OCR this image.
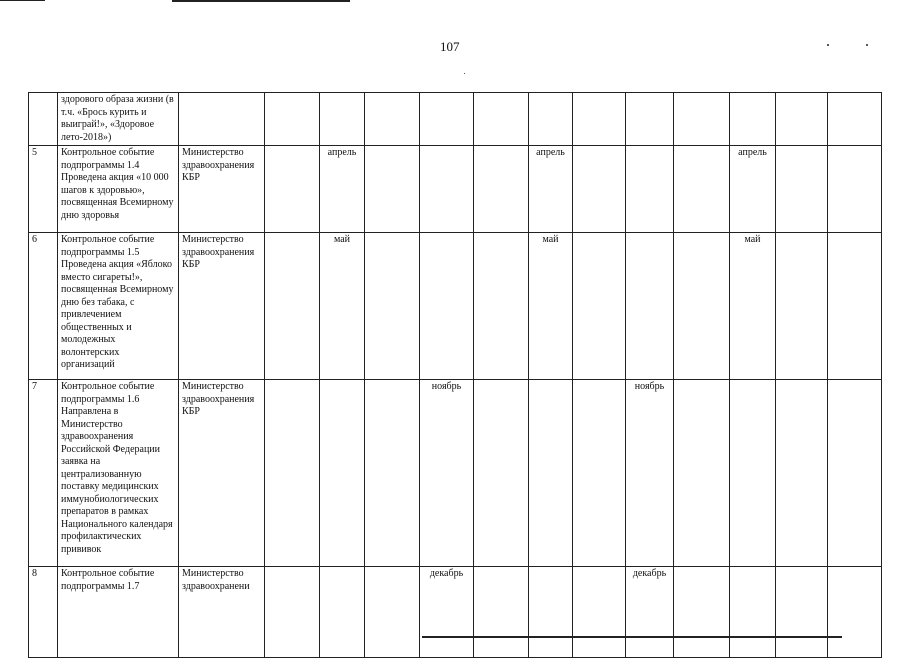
107
	здорового образа жизни (в т.ч. «Брось курить и выиграй!», «Здоровое лето-2018»)														
5	Контрольное событие подпрограммы 1.4 Проведена акция «10 000 шагов к здоровью», посвященная Всемирному дню здоровья	Министерство здравоохранения КБР		апрель				апрель				апрель			
6	Контрольное событие подпрограммы 1.5 Проведена акция «Яблоко вместо сигареты!», посвященная Всемирному дню без табака, с привлечением общественных и молодежных волонтерских организаций	Министерство здравоохранения КБР		май				май				май			
7	Контрольное событие подпрограммы 1.6 Направлена в Министерство здравоохранения Российской Федерации заявка на централизованную поставку медицинских иммунобиологических препаратов в рамках Национального календаря профилактических прививок	Министерство здравоохранения КБР				ноябрь				ноябрь					
8	Контрольное событие подпрограммы 1.7	Министерство здравоохранени				декабрь				декабрь					
